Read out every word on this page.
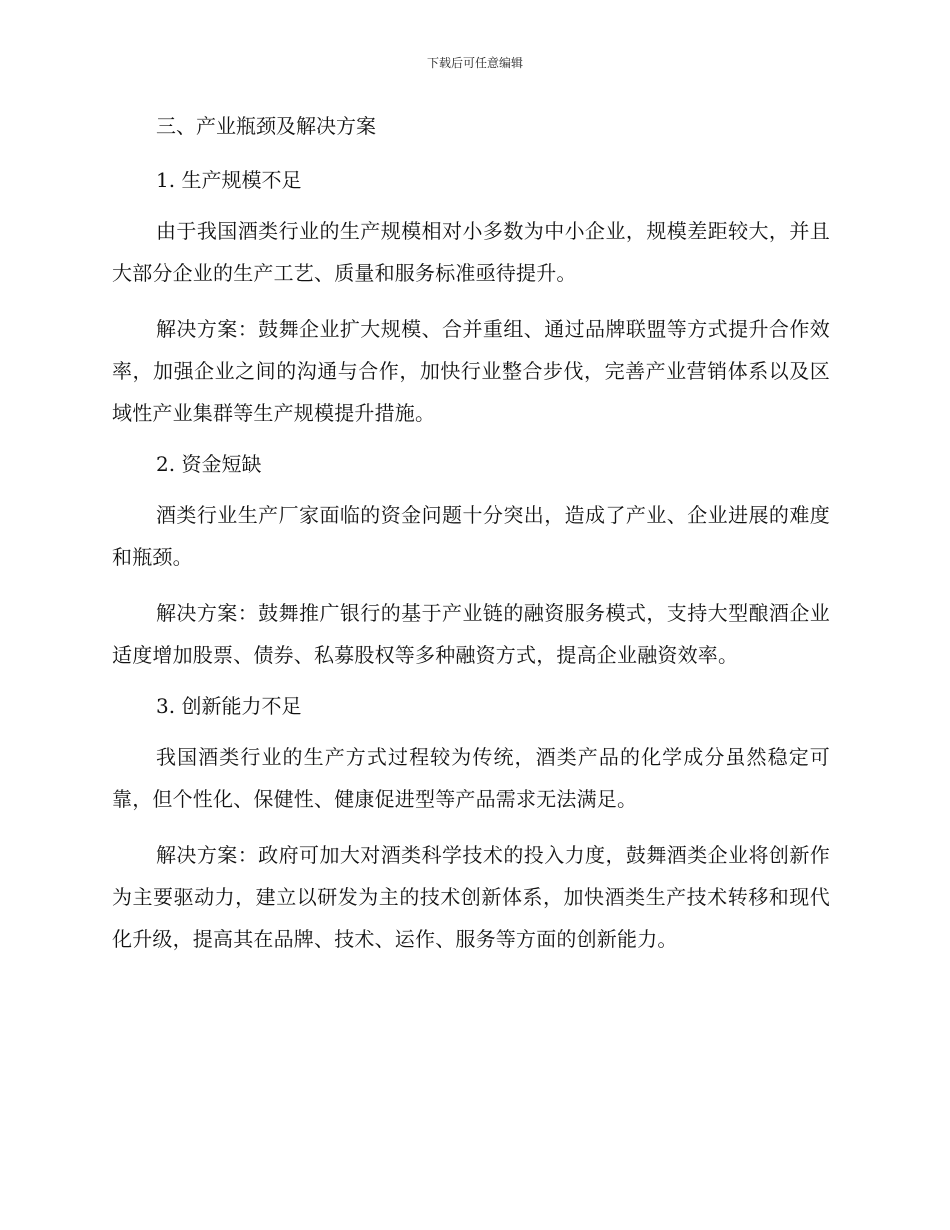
下载后可任意编辑
三、产业瓶颈及解决方案
1. 生产规模不足

由于我国酒类行业的生产规模相对小多数为中小企业，规模差距较大，并且大部分企业的生产工艺、质量和服务标准亟待提升。

解决方案：鼓舞企业扩大规模、合并重组、通过品牌联盟等方式提升合作效率，加强企业之间的沟通与合作，加快行业整合步伐，完善产业营销体系以及区域性产业集群等生产规模提升措施。

2. 资金短缺

酒类行业生产厂家面临的资金问题十分突出，造成了产业、企业进展的难度和瓶颈。

解决方案：鼓舞推广银行的基于产业链的融资服务模式，支持大型酿酒企业适度增加股票、债券、私募股权等多种融资方式，提高企业融资效率。

3. 创新能力不足

我国酒类行业的生产方式过程较为传统，酒类产品的化学成分虽然稳定可靠，但个性化、保健性、健康促进型等产品需求无法满足。

解决方案：政府可加大对酒类科学技术的投入力度，鼓舞酒类企业将创新作为主要驱动力，建立以研发为主的技术创新体系，加快酒类生产技术转移和现代化升级，提高其在品牌、技术、运作、服务等方面的创新能力。
